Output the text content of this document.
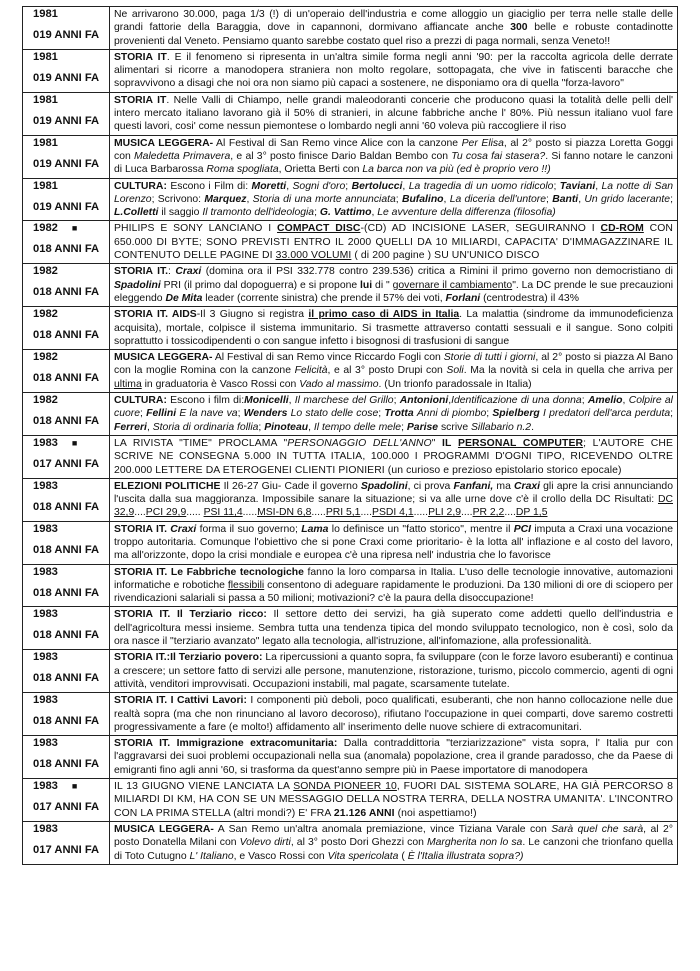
1981
019 ANNI FA	Ne arrivarono 30.000, paga 1/3 (!) di un'operaio dell'industria e come alloggio un giaciglio per terra nelle stalle delle grandi fattorie della Baraggia, dove in capannoni, dormivano affiancate anche 300 belle e robuste contadinotte provenienti dal Veneto. Pensiamo quanto sarebbe costato quel riso a prezzi di paga normali, senza Veneto!!

1981
019 ANNI FA	STORIA IT. E il fenomeno si ripresenta in un'altra simile forma negli anni '90: per la raccolta agricola delle derrate alimentari si ricorre a manodopera straniera non molto regolare, sottopagata, che vive in fatiscenti baracche che sopravvivono a disagi che noi ora non siamo più capaci a sostenere, ne disponiamo ora di quella "forza-lavoro"

1981
019 ANNI FA	STORIA IT. Nelle Valli di Chiampo, nelle grandi maleodoranti concerie che producono quasi la totalità delle pelli dell' intero mercato italiano lavorano già il 50% di stranieri, in alcune fabbriche anche l' 80%. Più nessun italiano vuol fare questi lavori, cosi' come nessun piemontese o lombardo negli anni '60 voleva più raccogliere il riso

1981
019 ANNI FA	MUSICA LEGGERA- Al Festival di San Remo vince Alice con la canzone Per Elisa, al 2° posto si piazza Loretta Goggi con Maledetta Primavera, e al 3° posto finisce Dario Baldan Bembo con Tu cosa fai stasera?. Si fanno notare le canzoni di Luca Barbarossa Roma spogliata, Orietta Berti con La barca non va più (ed è proprio vero !!)

1981
019 ANNI FA	CULTURA: Escono i Film di: Moretti, Sogni d'oro; Bertolucci, La tragedia di un uomo ridicolo; Taviani, La notte di San Lorenzo; Scrivono: Marquez, Storia di una morte annunciata; Bufalino, La diceria dell'untore; Banti, Un grido lacerante; L.Colletti il saggio Il tramonto dell'ideologia; G. Vattimo, Le avventure della differenza (filosofia)

1982 ■
018 ANNI FA	PHILIPS E SONY LANCIANO I COMPACT DISC-(CD) AD INCISIONE LASER, SEGUIRANNO I CD-ROM CON 650.000 DI BYTE; SONO PREVISTI ENTRO IL 2000 QUELLI DA 10 MILIARDI, CAPACITA' D'IMMAGAZZINARE IL CONTENUTO DELLE PAGINE DI 33.000 VOLUMI ( di 200 pagine ) SU UN'UNICO DISCO

1982
018 ANNI FA	STORIA IT.: Craxi (domina ora il PSI 332.778 contro 239.536) critica a Rimini il primo governo non democristiano di Spadolini PRI (il primo dal dopoguerra) e si propone lui di " governare il cambiamento". La DC prende le sue precauzioni eleggendo De Mita leader (corrente sinistra) che prende il 57% dei voti, Forlani (centrodestra) il 43%

1982
018 ANNI FA	STORIA IT. AIDS-Il 3 Giugno si registra il primo caso di AIDS in Italia. La malattia (sindrome da immunodeficienza acquisita), mortale, colpisce il sistema immunitario. Si trasmette attraverso contatti sessuali e il sangue. Sono colpiti soprattutto i tossicodipendenti o con sangue infetto i bisognosi di trasfusioni di sangue

1982
018 ANNI FA	MUSICA LEGGERA- Al Festival di san Remo vince Riccardo Fogli con Storie di tutti i giorni, al 2° posto si piazza Al Bano con la moglie Romina con la canzone Felicità, e al 3° posto Drupi con Soli. Ma la novità si cela in quella che arriva per ultima in graduatoria è Vasco Rossi con Vado al massimo. (Un trionfo paradossale in Italia)

1982
018 ANNI FA	CULTURA: Escono i film di:Monicelli, Il marchese del Grillo; Antonioni,Identificazione di una donna; Amelio, Colpire al cuore; Fellini E la nave va; Wenders Lo stato delle cose; Trotta Anni di piombo; Spielberg I predatori dell'arca perduta; Ferreri, Storia di ordinaria follia; Pinoteau, Il tempo delle mele; Parise scrive Sillabario n.2.

1983 ■
017 ANNI FA	LA RIVISTA "TIME" PROCLAMA "PERSONAGGIO DELL'ANNO" IL PERSONAL COMPUTER; L'AUTORE CHE SCRIVE NE CONSEGNA 5.000 IN TUTTA ITALIA, 100.000 I PROGRAMMI D'OGNI TIPO, RICEVENDO OLTRE 200.000 LETTERE DA ETEROGENEI CLIENTI PIONIERI (un curioso e prezioso epistolario storico epocale)

1983
018 ANNI FA	ELEZIONI POLITICHE Il 26-27 Giu- Cade il governo Spadolini, ci prova Fanfani, ma Craxi gli apre la crisi annunciando l'uscita dalla sua maggioranza. Impossibile sanare la situazione; si va alle urne dove c'è il crollo della DC Risultati: DC 32,9....PCI 29,9..... PSI 11,4.....MSI-DN 6,8.....PRI 5,1....PSDI 4,1.....PLI 2,9....PR 2,2....DP 1,5

1983
018 ANNI FA	STORIA IT. Craxi forma il suo governo; Lama lo definisce un "fatto storico", mentre il PCI imputa a Craxi una vocazione troppo autoritaria. Comunque l'obiettivo che si pone Craxi come prioritario- è la lotta all' inflazione e al costo del lavoro, ma all'orizzonte, dopo la crisi mondiale e europea c'è una ripresa nell' industria che lo favorisce

1983
018 ANNI FA	STORIA IT. Le Fabbriche tecnologiche fanno la loro comparsa in Italia. L'uso delle tecnologie innovative, automazioni informatiche e robotiche flessibili consentono di adeguare rapidamente le produzioni. Da 130 milioni di ore di sciopero per rivendicazioni salariali si passa a 50 milioni; motivazioni? c'è la paura della disoccupazione!

1983
018 ANNI FA	STORIA IT. Il Terziario ricco: Il settore detto dei servizi, ha già superato come addetti quello dell'industria e dell'agricoltura messi insieme. Sembra tutta una tendenza tipica del mondo sviluppato tecnologico, non è così, solo da ora nasce il "terziario avanzato" legato alla tecnologia, all'istruzione, all'infomazione, alla professionalità.

1983
018 ANNI FA	STORIA IT.:Il Terziario povero: La ripercussioni a quanto sopra, fa sviluppare (con le forze lavoro esuberanti) e continua a crescere; un settore fatto di servizi alle persone, manutenzione, ristorazione, turismo, piccolo commercio, agenti di ogni attività, venditori improvvisati. Occupazioni instabili, mal pagate, scarsamente tutelate.

1983
018 ANNI FA	STORIA IT. I Cattivi Lavori: I componenti più deboli, poco qualificati, esuberanti, che non hanno collocazione nelle due realtà sopra (ma che non rinunciano al lavoro decoroso), rifiutano l'occupazione in quei comparti, dove saremo costretti progressivamente a fare (e molto!) affidamento all' inserimento delle nuove schiere di extracomunitari.

1983
018 ANNI FA	STORIA IT. Immigrazione extracomunitaria: Dalla contraddittoria "terziarizzazione" vista sopra, l' Italia pur con l'aggravarsi dei suoi problemi occupazionali nella sua (anomala) popolazione, crea il grande paradosso, che da Paese di emigranti fino agli anni '60, si trasforma da quest'anno sempre più in Paese importatore di manodopera

1983 ■
017 ANNI FA	IL 13 GIUGNO VIENE LANCIATA LA SONDA PIONEER 10, FUORI DAL SISTEMA SOLARE, HA GIÀ PERCORSO 8 MILIARDI DI KM, HA CON SE UN MESSAGGIO DELLA NOSTRA TERRA, DELLA NOSTRA UMANITA'. L'INCONTRO CON LA PRIMA STELLA (altri mondi?) E' FRA 21.126 ANNI (noi aspettiamo!)

1983
017 ANNI FA	MUSICA LEGGERA- A San Remo un'altra anomala premiazione, vince Tiziana Varale con Sarà quel che sarà, al 2° posto Donatella Milani con Volevo dirti, al 3° posto Dori Ghezzi con Margherita non lo sa. Le canzoni che trionfano quella di Toto Cutugno L' Italiano, e Vasco Rossi con Vita spericolata ( È l'Italia illustrata sopra?)
